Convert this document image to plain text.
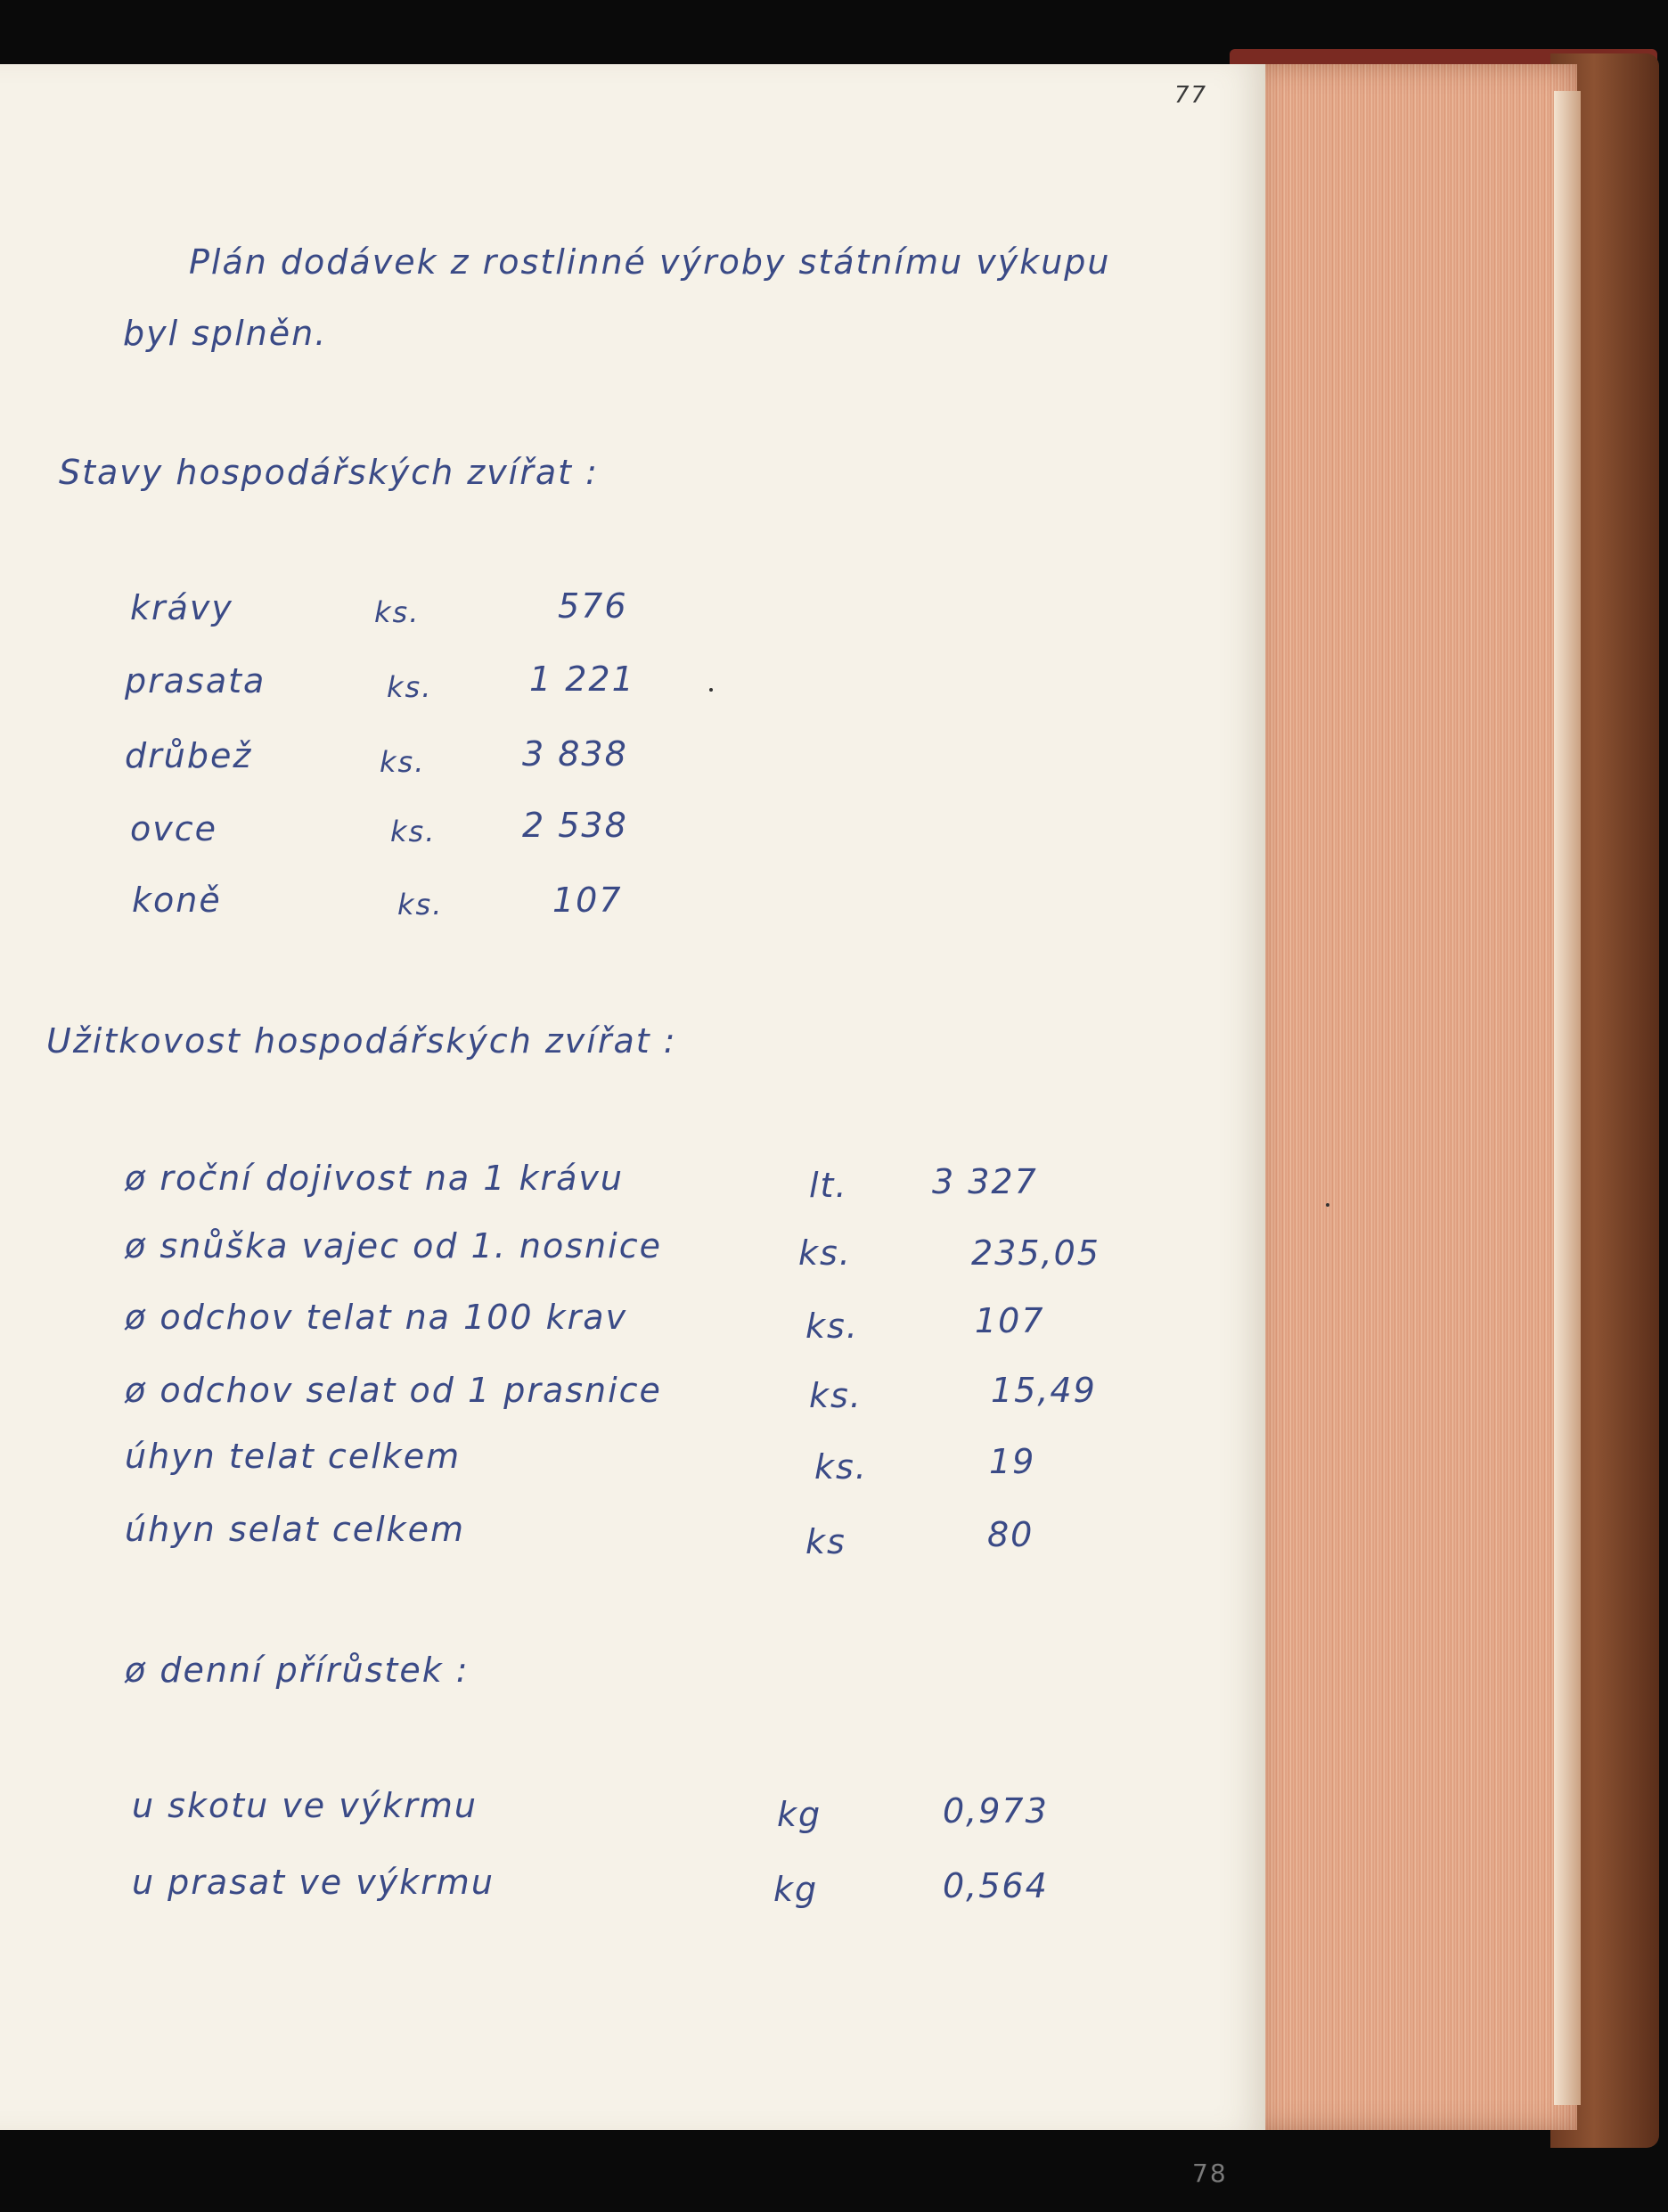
77
Plán dodávek z rostlinné výroby státnímu výkupu
byl splněn.
Stavy hospodářských zvířat :
krávy	ks.	576
prasata	ks.	1 221
drůbež	ks.	3 838
ovce	ks.	2 538
koně	ks.	107
Užitkovost hospodářských zvířat :
ø roční dojivost na 1 krávu	lt. 3 327
ø snůška vajec od 1. nosnice	ks.	235,05
ø odchov telat na 100 krav	ks.	107
ø odchov selat od 1 prasnice	ks.	15,49
úhyn telat celkem	ks.	19
úhyn selat celkem	ks	80
ø denní přírůstek :
u skotu ve výkrmu	kg	0,973
u prasat ve výkrmu	kg	0,564
78
